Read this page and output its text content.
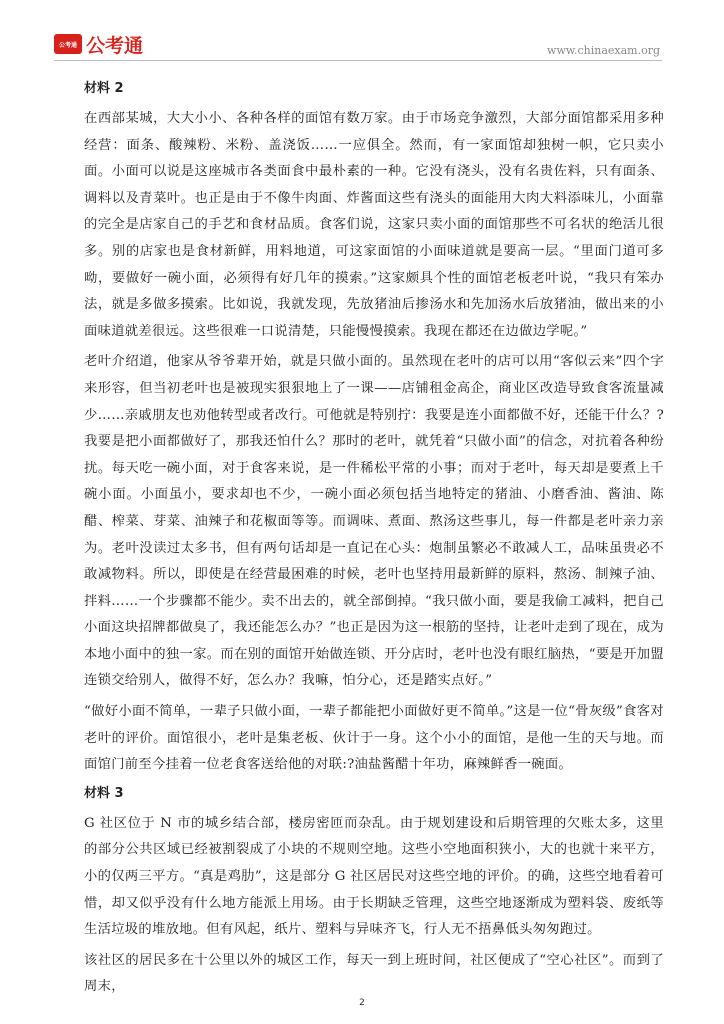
公考通 公考通	www.chinaexam.org
材料 2

在西部某城，大大小小、各种各样的面馆有数万家。由于市场竞争激烈，大部分面馆都采用多种经营：面条、酸辣粉、米粉、盖浇饭……一应俱全。然而，有一家面馆却独树一帜，它只卖小面。小面可以说是这座城市各类面食中最朴素的一种。它没有浇头，没有名贵佐料，只有面条、调料以及青菜叶。也正是由于不像牛肉面、炸酱面这些有浇头的面能用大肉大料添味儿，小面靠的完全是店家自己的手艺和食材品质。食客们说，这家只卖小面的面馆那些不可名状的绝活儿很多。别的店家也是食材新鲜，用料地道，可这家面馆的小面味道就是要高一层。“里面门道可多呦，要做好一碗小面，必须得有好几年的摸索。”这家颇具个性的面馆老板老叶说，“我只有笨办法，就是多做多摸索。比如说，我就发现，先放猪油后掺汤水和先加汤水后放猪油，做出来的小面味道就差很远。这些很难一口说清楚，只能慢慢摸索。我现在都还在边做边学呢。”

老叶介绍道，他家从爷爷辈开始，就是只做小面的。虽然现在老叶的店可以用“客似云来”四个字来形容，但当初老叶也是被现实狠狠地上了一课——店铺租金高企，商业区改造导致食客流量减少……亲戚朋友也劝他转型或者改行。可他就是特别拧：我要是连小面都做不好，还能干什么？?我要是把小面都做好了，那我还怕什么？那时的老叶，就凭着“只做小面”的信念，对抗着各种纷扰。每天吃一碗小面，对于食客来说，是一件稀松平常的小事；而对于老叶，每天却是要煮上千碗小面。小面虽小，要求却也不少，一碗小面必须包括当地特定的猪油、小磨香油、酱油、陈醋、榨菜、芽菜、油辣子和花椒面等等。而调味、煮面、熬汤这些事儿，每一件都是老叶亲力亲为。老叶没读过太多书，但有两句话却是一直记在心头：炮制虽繁必不敢减人工，品味虽贵必不敢减物料。所以，即使是在经营最困难的时候，老叶也坚持用最新鲜的原料，熬汤、制辣子油、拌料……一个步骤都不能少。卖不出去的，就全部倒掉。“我只做小面，要是我偷工减料，把自己小面这块招牌都做臭了，我还能怎么办？”也正是因为这一根筋的坚持，让老叶走到了现在，成为本地小面中的独一家。而在别的面馆开始做连锁、开分店时，老叶也没有眼红脑热，“要是开加盟连锁交给别人，做得不好，怎么办？我嘛，怕分心，还是踏实点好。”

“做好小面不简单，一辈子只做小面，一辈子都能把小面做好更不简单。”这是一位“骨灰级”食客对老叶的评价。面馆很小，老叶是集老板、伙计于一身。这个小小的面馆，是他一生的天与地。而面馆门前至今挂着一位老食客送给他的对联:?油盐酱醋十年功，麻辣鲜香一碗面。

材料 3

G 社区位于 N 市的城乡结合部，楼房密匝而杂乱。由于规划建设和后期管理的欠账太多，这里的部分公共区域已经被割裂成了小块的不规则空地。这些小空地面积狭小，大的也就十来平方，小的仅两三平方。“真是鸡肋”，这是部分 G 社区居民对这些空地的评价。的确，这些空地看着可惜，却又似乎没有什么地方能派上用场。由于长期缺乏管理，这些空地逐渐成为塑料袋、废纸等生活垃圾的堆放地。但有风起，纸片、塑料与异味齐飞，行人无不捂鼻低头匆匆跑过。

该社区的居民多在十公里以外的城区工作，每天一到上班时间，社区便成了“空心社区”。而到了周末，

2
